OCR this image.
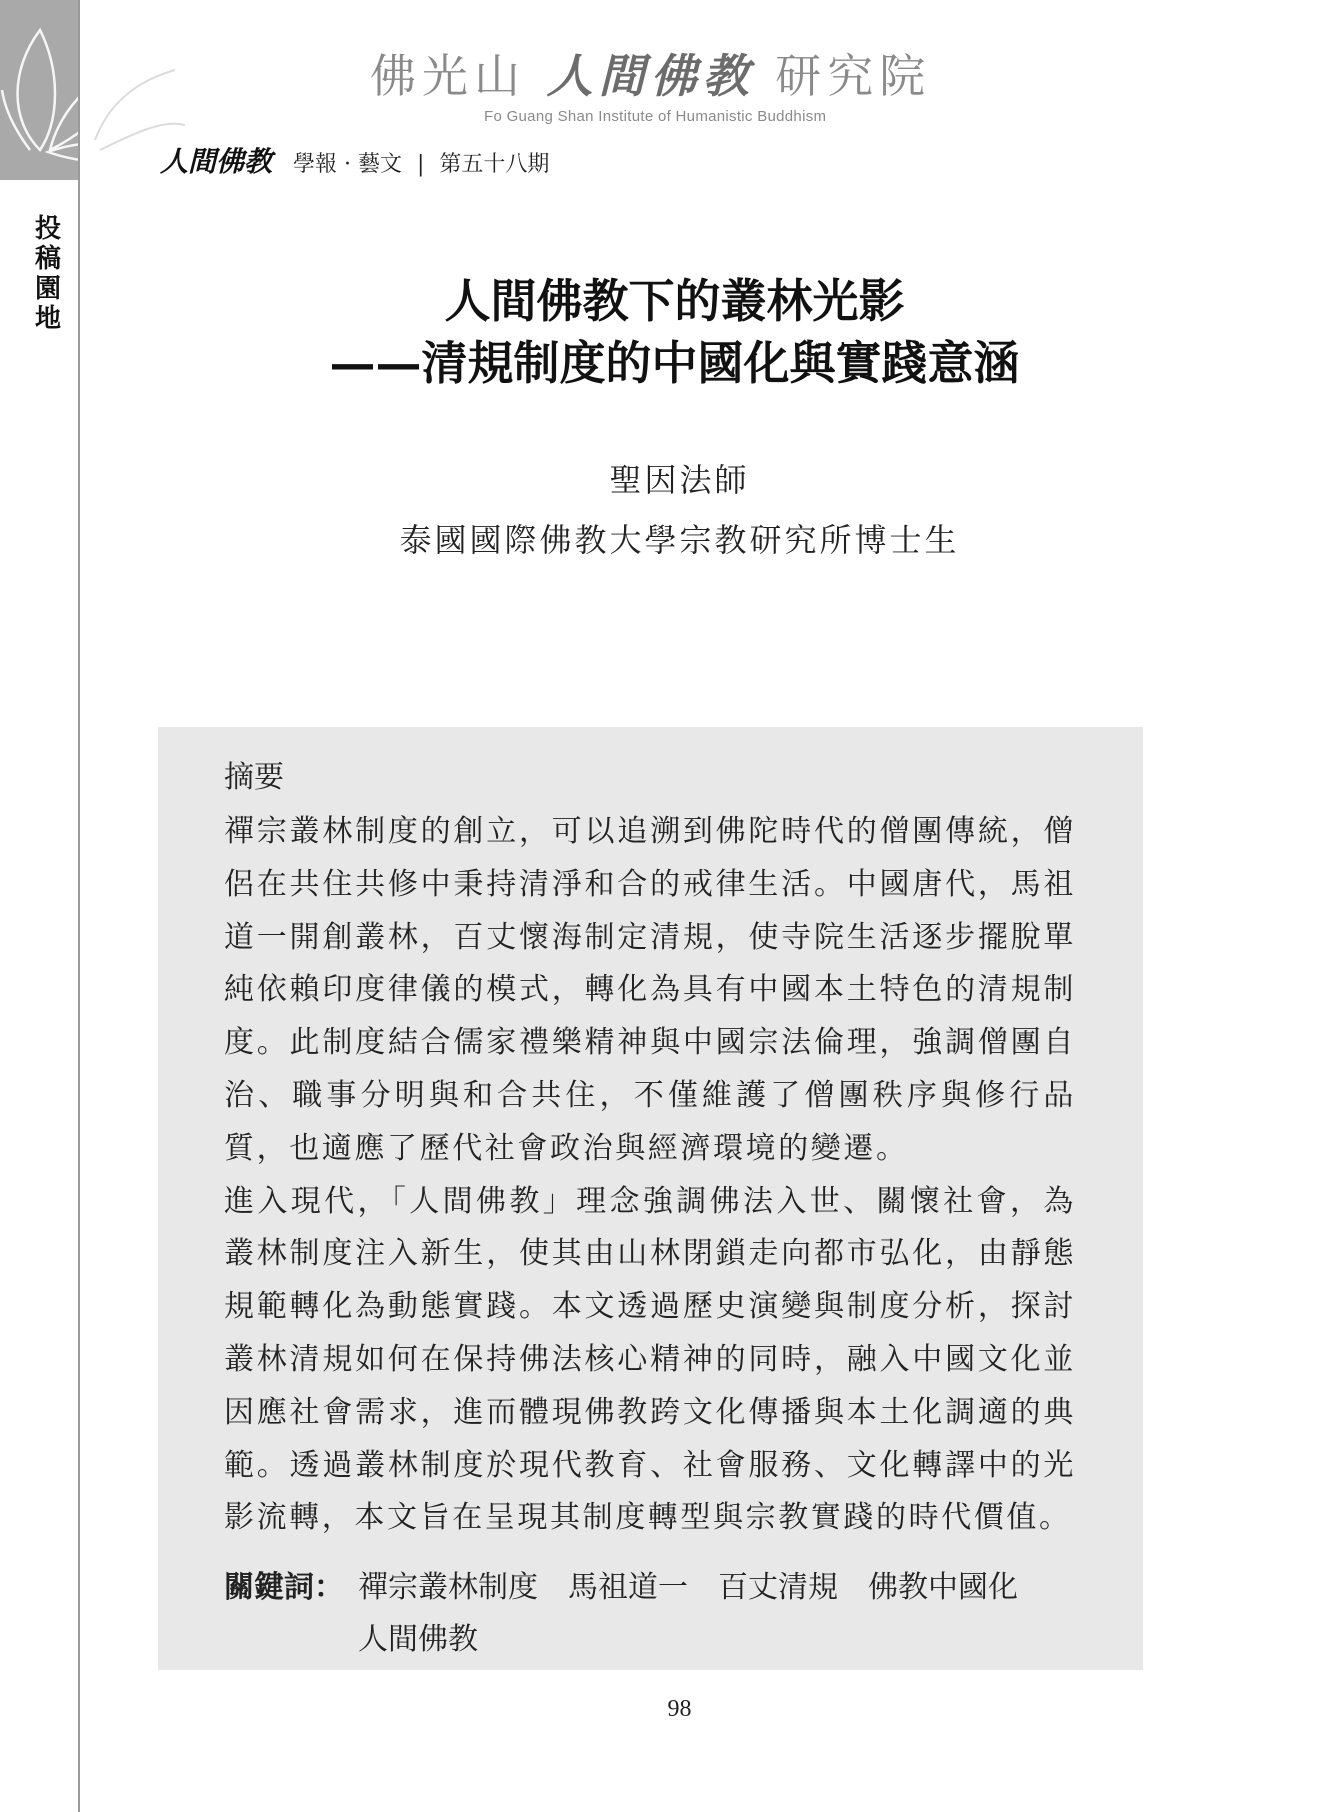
投
稿
園
地
佛光山 人間佛教 研究院
Fo Guang Shan Institute of Humanistic Buddhism
人間佛教 學報 · 藝文 | 第五十八期
人間佛教下的叢林光影
——清規制度的中國化與實踐意涵
聖因法師
泰國國際佛教大學宗教研究所博士生
摘要

禪宗叢林制度的創立，可以追溯到佛陀時代的僧團傳統，僧侶在共住共修中秉持清淨和合的戒律生活。中國唐代，馬祖道一開創叢林，百丈懷海制定清規，使寺院生活逐步擺脫單純依賴印度律儀的模式，轉化為具有中國本土特色的清規制度。此制度結合儒家禮樂精神與中國宗法倫理，強調僧團自治、職事分明與和合共住，不僅維護了僧團秩序與修行品質，也適應了歷代社會政治與經濟環境的變遷。

進入現代，「人間佛教」理念強調佛法入世、關懷社會，為叢林制度注入新生，使其由山林閉鎖走向都市弘化，由靜態規範轉化為動態實踐。本文透過歷史演變與制度分析，探討叢林清規如何在保持佛法核心精神的同時，融入中國文化並因應社會需求，進而體現佛教跨文化傳播與本土化調適的典範。透過叢林制度於現代教育、社會服務、文化轉譯中的光影流轉，本文旨在呈現其制度轉型與宗教實踐的時代價值。

關鍵詞： 禪宗叢林制度 馬祖道一 百丈清規 佛教中國化人間佛教
98
